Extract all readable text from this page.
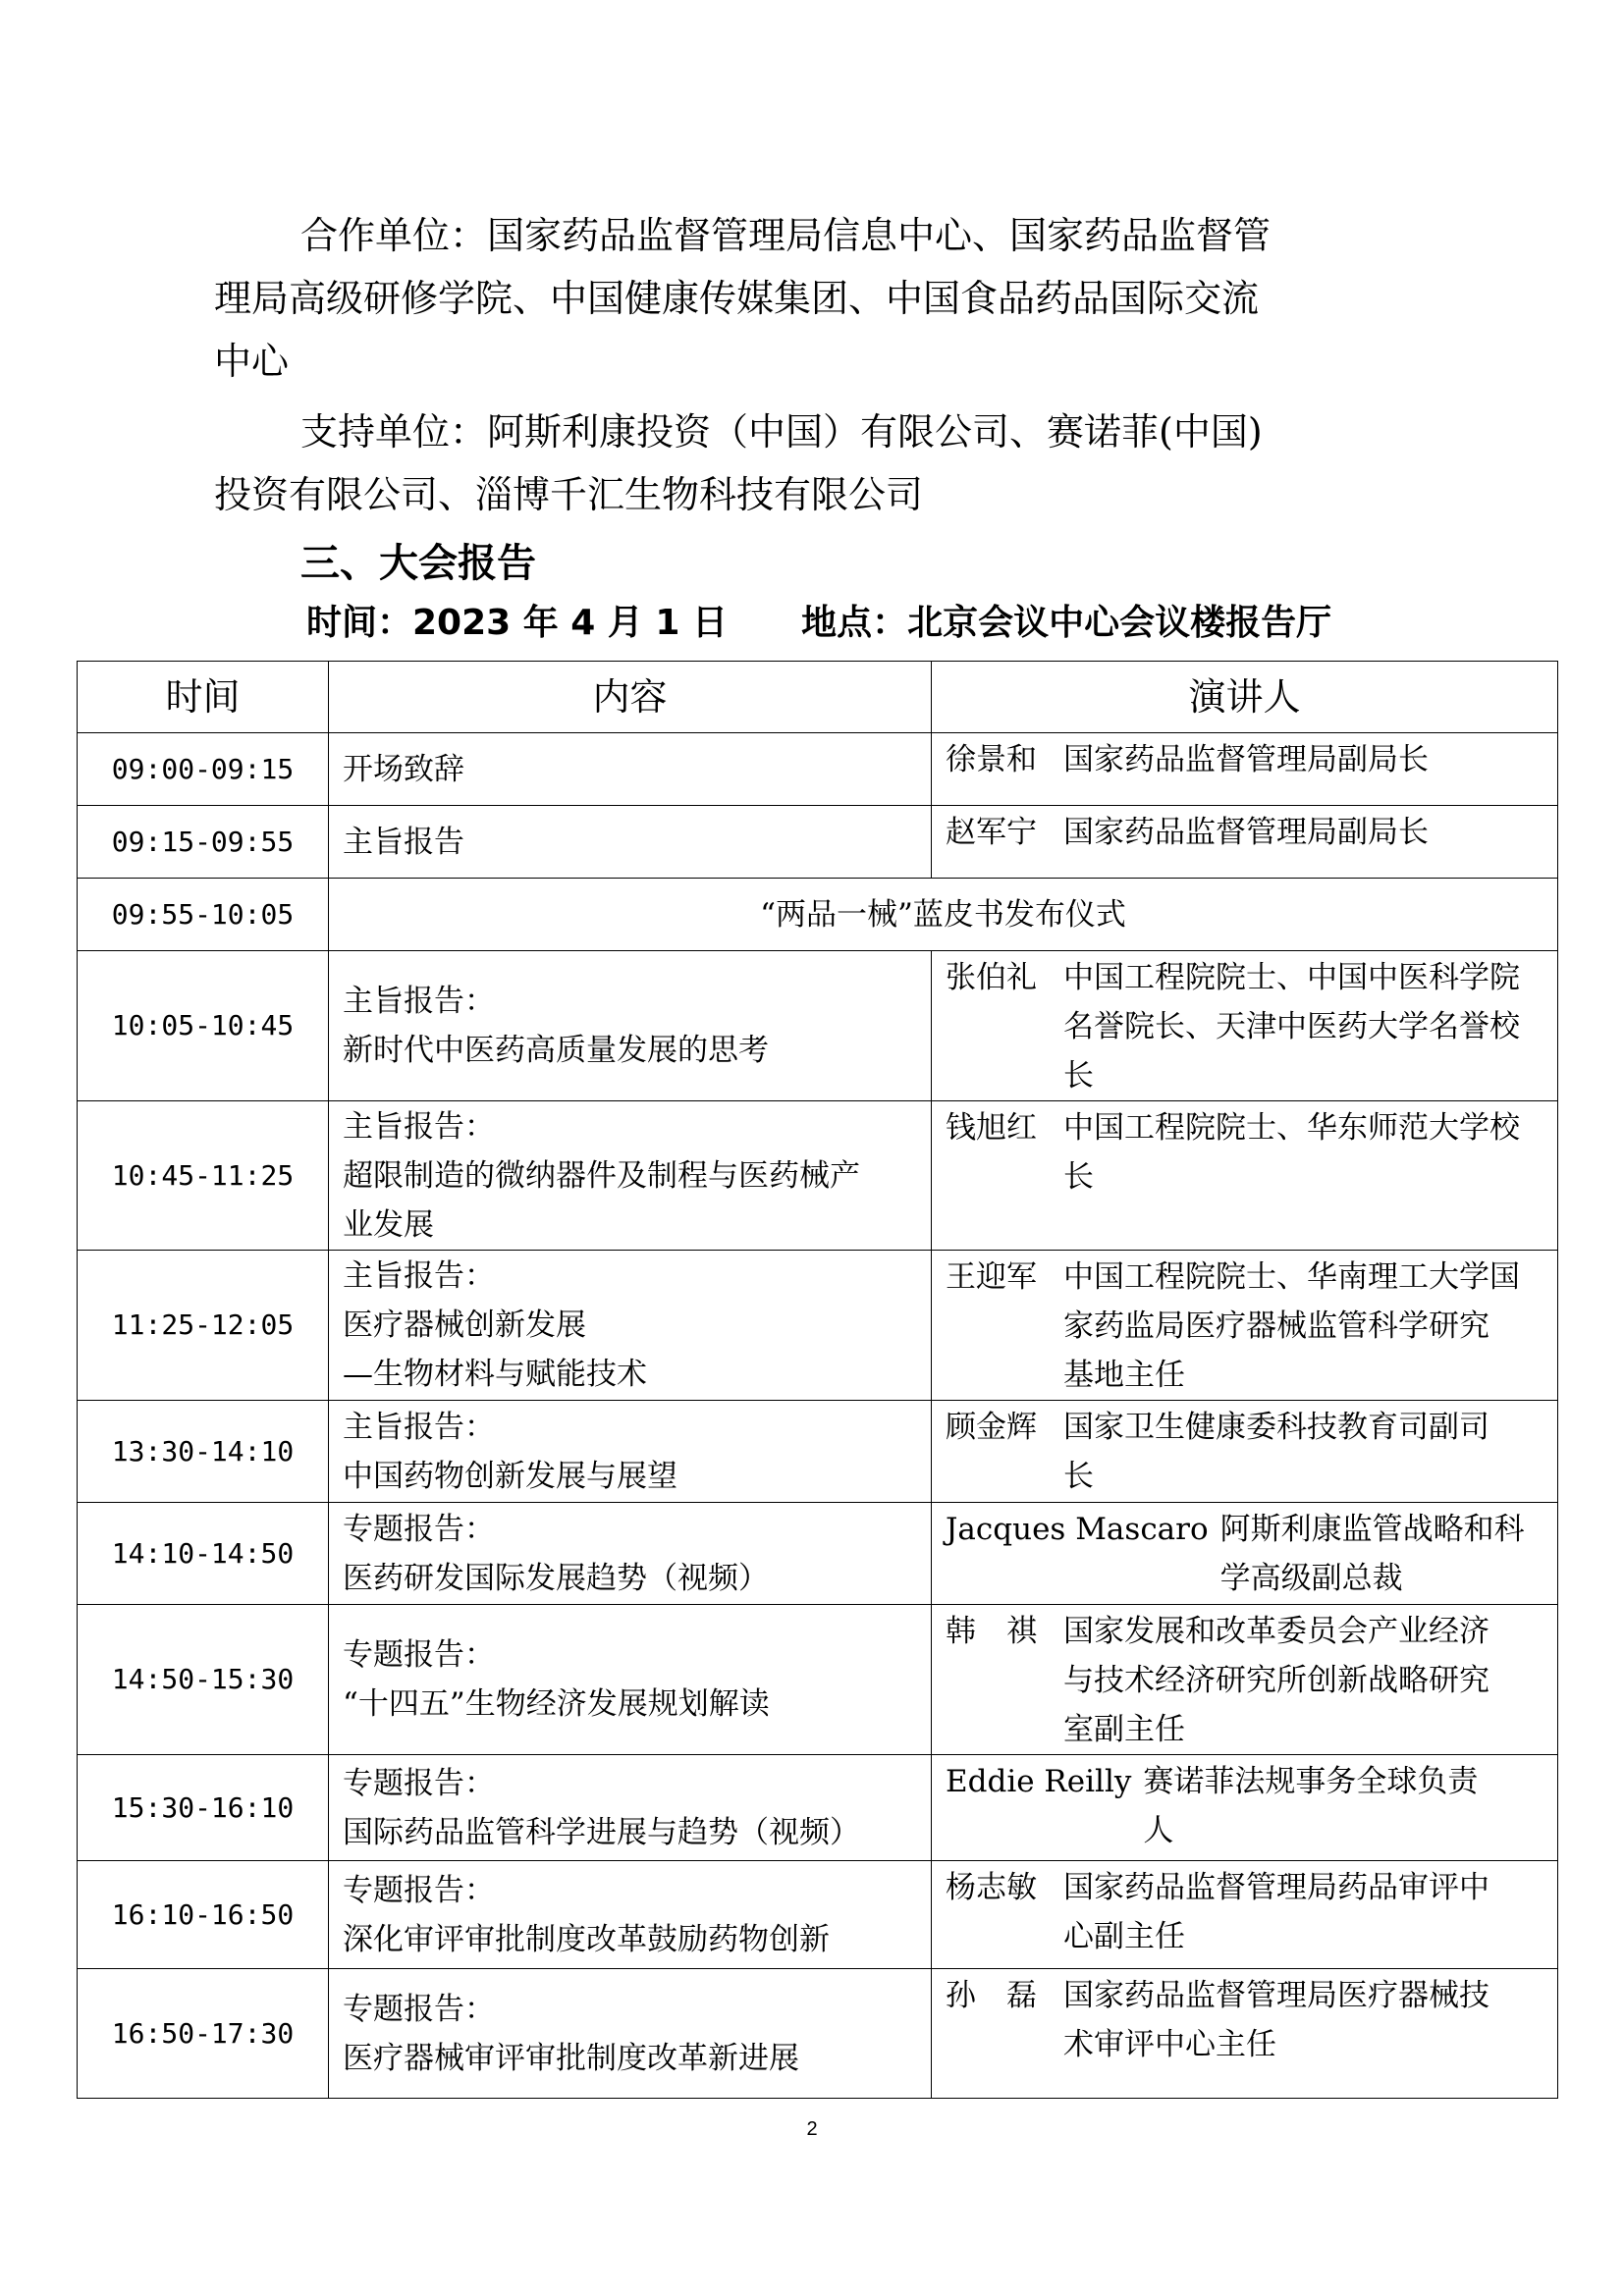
合作单位：国家药品监督管理局信息中心、国家药品监督管
理局高级研修学院、中国健康传媒集团、中国食品药品国际交流
中心
支持单位：阿斯利康投资（中国）有限公司、赛诺菲(中国)
投资有限公司、淄博千汇生物科技有限公司
三、大会报告
时间：2023 年 4 月 1 日      地点：北京会议中心会议楼报告厅
时间	内容	演讲人
09:00-09:15	开场致辞	徐景和 国家药品监督管理局副局长

09:15-09:55	主旨报告	赵军宁 国家药品监督管理局副局长

09:55-10:05	“两品一械”蓝皮书发布仪式	
10:05-10:45	主旨报告：
新时代中医药高质量发展的思考	张伯礼 中国工程院院士、中国中医科学院
名誉院长、天津中医药大学名誉校
长

10:45-11:25	主旨报告：
超限制造的微纳器件及制程与医药械产
业发展	钱旭红 中国工程院院士、华东师范大学校
长

11:25-12:05	主旨报告：
医疗器械创新发展
—生物材料与赋能技术	王迎军 中国工程院院士、华南理工大学国
家药监局医疗器械监管科学研究
基地主任

13:30-14:10	主旨报告：
中国药物创新发展与展望	顾金辉 国家卫生健康委科技教育司副司
长

14:10-14:50	专题报告：
医药研发国际发展趋势（视频）	Jacques Mascaro 阿斯利康监管战略和科
学高级副总裁

14:50-15:30	专题报告：
“十四五”生物经济发展规划解读	韩　祺 国家发展和改革委员会产业经济
与技术经济研究所创新战略研究
室副主任

15:30-16:10	专题报告：
国际药品监管科学进展与趋势（视频）	Eddie Reilly 赛诺菲法规事务全球负责
人

16:10-16:50	专题报告：
深化审评审批制度改革鼓励药物创新	杨志敏 国家药品监督管理局药品审评中
心副主任

16:50-17:30	专题报告：
医疗器械审评审批制度改革新进展	孙　磊 国家药品监督管理局医疗器械技
术审评中心主任
2
